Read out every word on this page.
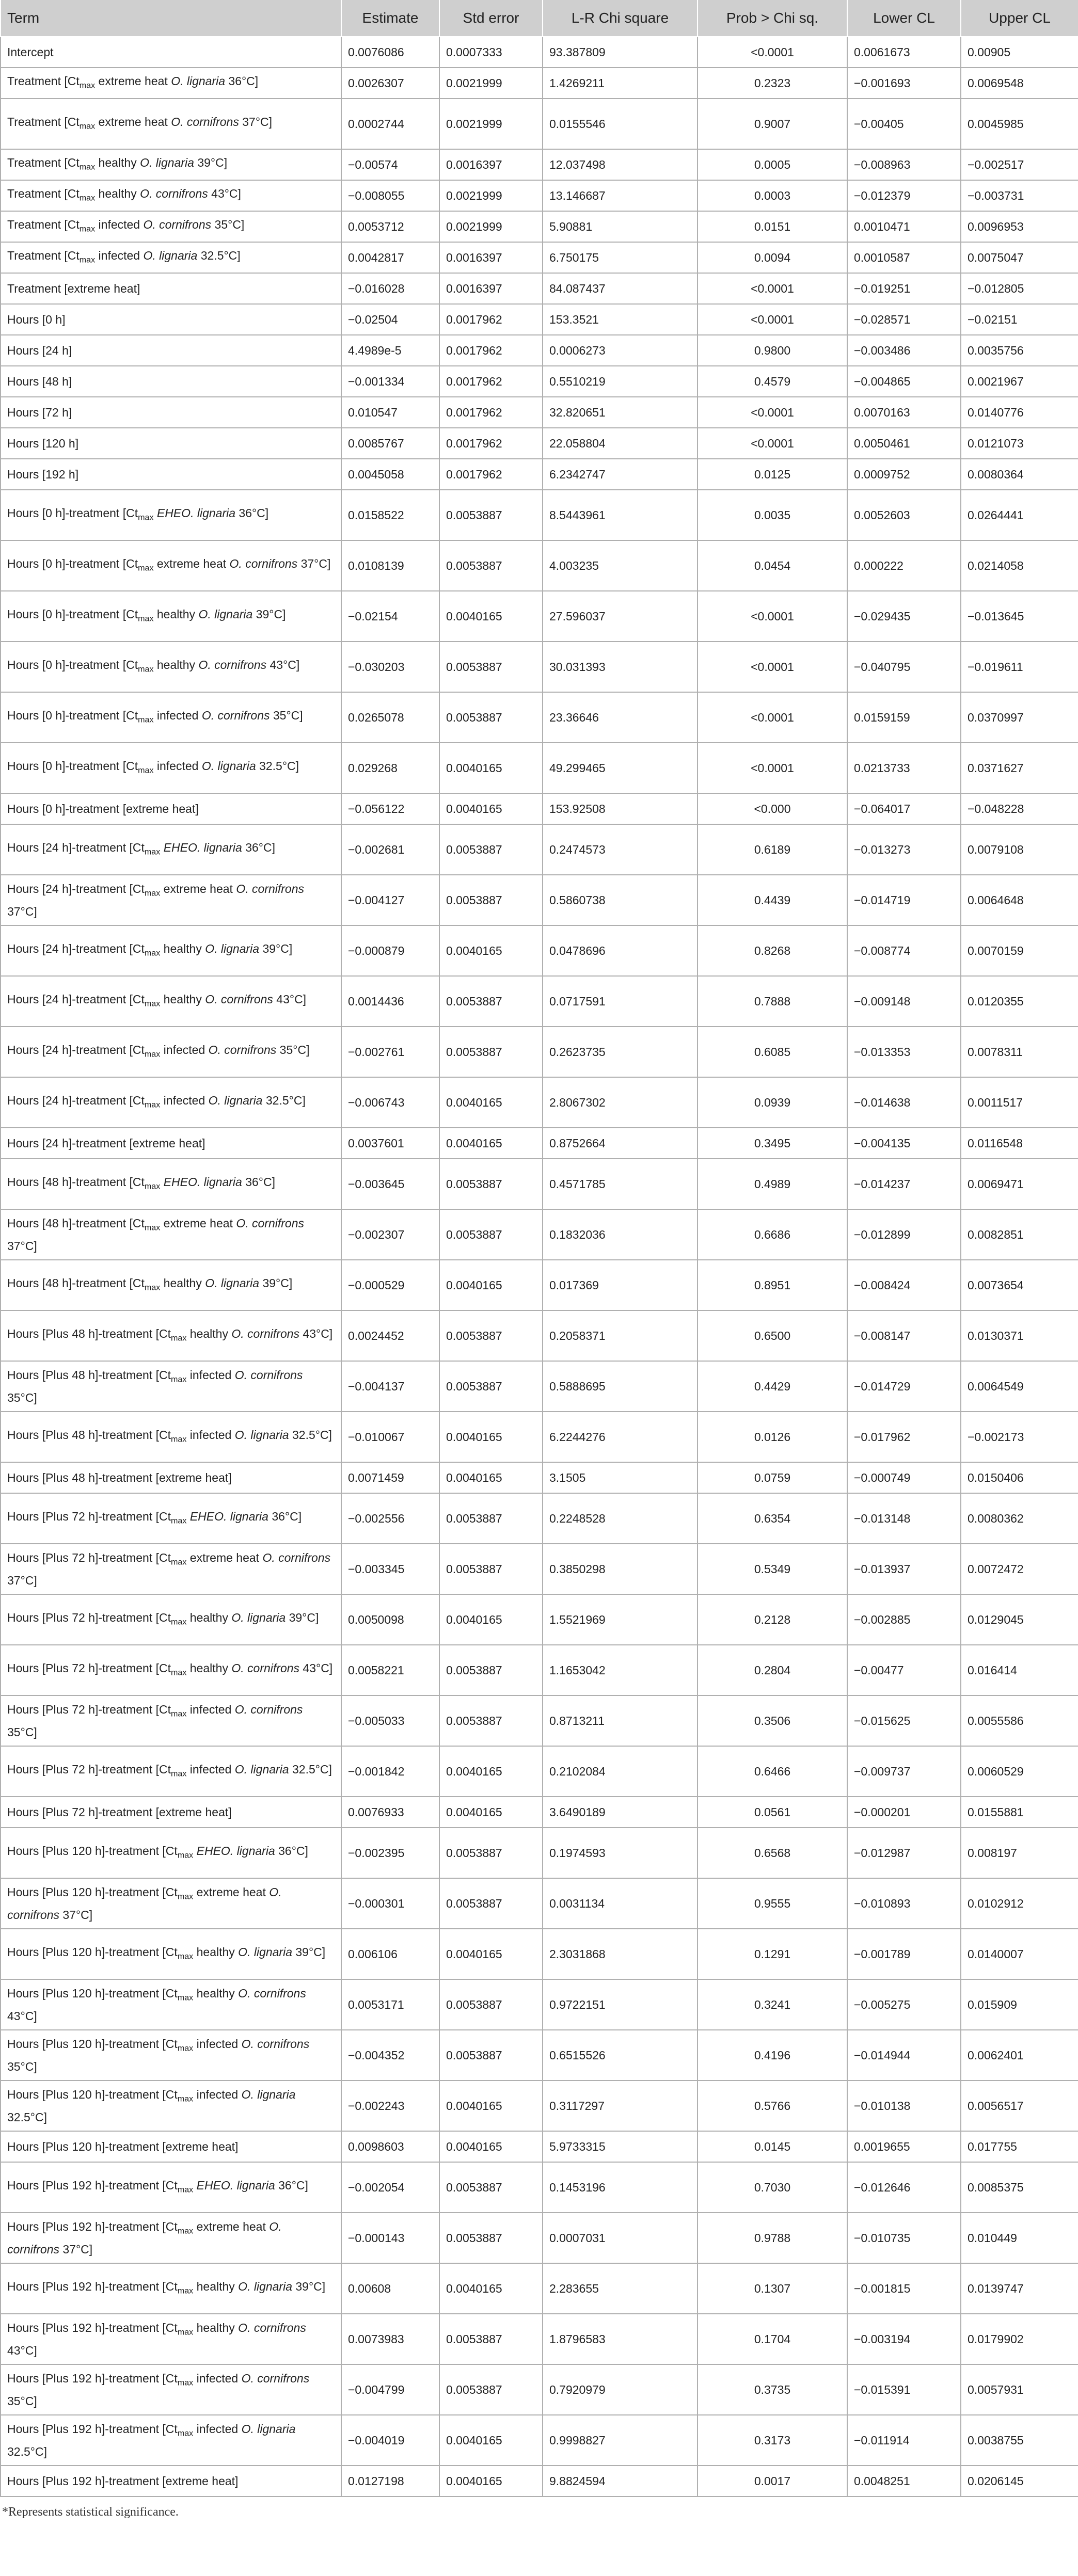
Term	Estimate	Std error	L-R Chi square	Prob > Chi sq.	Lower CL	Upper CL
Intercept	0.0076086	0.0007333	93.387809	<0.0001	0.0061673	0.00905
Treatment [$Ct_{max}$ extreme heat O. lignaria 36°C]	0.0026307	0.0021999	1.4269211	0.2323	−0.001693	0.0069548
Treatment [$Ct_{max}$ extreme heat O. cornifrons 37°C]	0.0002744	0.0021999	0.0155546	0.9007	−0.00405	0.0045985
Treatment [$Ct_{max}$ healthy O. lignaria 39°C]	−0.00574	0.0016397	12.037498	0.0005	−0.008963	−0.002517
Treatment [$Ct_{max}$ healthy O. cornifrons 43°C]	−0.008055	0.0021999	13.146687	0.0003	−0.012379	−0.003731
Treatment [$Ct_{max}$ infected O. cornifrons 35°C]	0.0053712	0.0021999	5.90881	0.0151	0.0010471	0.0096953
Treatment [$Ct_{max}$ infected O. lignaria 32.5°C]	0.0042817	0.0016397	6.750175	0.0094	0.0010587	0.0075047
Treatment [extreme heat]	−0.016028	0.0016397	84.087437	<0.0001	−0.019251	−0.012805
Hours [0 h]	−0.02504	0.0017962	153.3521	<0.0001	−0.028571	−0.02151
Hours [24 h]	4.4989e-5	0.0017962	0.0006273	0.9800	−0.003486	0.0035756
Hours [48 h]	−0.001334	0.0017962	0.5510219	0.4579	−0.004865	0.0021967
Hours [72 h]	0.010547	0.0017962	32.820651	<0.0001	0.0070163	0.0140776
Hours [120 h]	0.0085767	0.0017962	22.058804	<0.0001	0.0050461	0.0121073
Hours [192 h]	0.0045058	0.0017962	6.2342747	0.0125	0.0009752	0.0080364
Hours [0 h]-treatment [$Ct_{max}$ EHEO. lignaria 36°C]	0.0158522	0.0053887	8.5443961	0.0035	0.0052603	0.0264441
Hours [0 h]-treatment [$Ct_{max}$ extreme heat O. cornifrons 37°C]	0.0108139	0.0053887	4.003235	0.0454	0.000222	0.0214058
Hours [0 h]-treatment [$Ct_{max}$ healthy O. lignaria 39°C]	−0.02154	0.0040165	27.596037	<0.0001	−0.029435	−0.013645
Hours [0 h]-treatment [$Ct_{max}$ healthy O. cornifrons 43°C]	−0.030203	0.0053887	30.031393	<0.0001	−0.040795	−0.019611
Hours [0 h]-treatment [$Ct_{max}$ infected O. cornifrons 35°C]	0.0265078	0.0053887	23.36646	<0.0001	0.0159159	0.0370997
Hours [0 h]-treatment [$Ct_{max}$ infected O. lignaria 32.5°C]	0.029268	0.0040165	49.299465	<0.0001	0.0213733	0.0371627
Hours [0 h]-treatment [extreme heat]	−0.056122	0.0040165	153.92508	<0.000	−0.064017	−0.048228
Hours [24 h]-treatment [$Ct_{max}$ EHEO. lignaria 36°C]	−0.002681	0.0053887	0.2474573	0.6189	−0.013273	0.0079108
Hours [24 h]-treatment [$Ct_{max}$ extreme heat O. cornifrons 37°C]	−0.004127	0.0053887	0.5860738	0.4439	−0.014719	0.0064648
Hours [24 h]-treatment [$Ct_{max}$ healthy O. lignaria 39°C]	−0.000879	0.0040165	0.0478696	0.8268	−0.008774	0.0070159
Hours [24 h]-treatment [$Ct_{max}$ healthy O. cornifrons 43°C]	0.0014436	0.0053887	0.0717591	0.7888	−0.009148	0.0120355
Hours [24 h]-treatment [$Ct_{max}$ infected O. cornifrons 35°C]	−0.002761	0.0053887	0.2623735	0.6085	−0.013353	0.0078311
Hours [24 h]-treatment [$Ct_{max}$ infected O. lignaria 32.5°C]	−0.006743	0.0040165	2.8067302	0.0939	−0.014638	0.0011517
Hours [24 h]-treatment [extreme heat]	0.0037601	0.0040165	0.8752664	0.3495	−0.004135	0.0116548
Hours [48 h]-treatment [$Ct_{max}$ EHEO. lignaria 36°C]	−0.003645	0.0053887	0.4571785	0.4989	−0.014237	0.0069471
Hours [48 h]-treatment [$Ct_{max}$ extreme heat O. cornifrons 37°C]	−0.002307	0.0053887	0.1832036	0.6686	−0.012899	0.0082851
Hours [48 h]-treatment [$Ct_{max}$ healthy O. lignaria 39°C]	−0.000529	0.0040165	0.017369	0.8951	−0.008424	0.0073654
Hours [Plus 48 h]-treatment [$Ct_{max}$ healthy O. cornifrons 43°C]	0.0024452	0.0053887	0.2058371	0.6500	−0.008147	0.0130371
Hours [Plus 48 h]-treatment [$Ct_{max}$ infected O. cornifrons 35°C]	−0.004137	0.0053887	0.5888695	0.4429	−0.014729	0.0064549
Hours [Plus 48 h]-treatment [$Ct_{max}$ infected O. lignaria 32.5°C]	−0.010067	0.0040165	6.2244276	0.0126	−0.017962	−0.002173
Hours [Plus 48 h]-treatment [extreme heat]	0.0071459	0.0040165	3.1505	0.0759	−0.000749	0.0150406
Hours [Plus 72 h]-treatment [$Ct_{max}$ EHEO. lignaria 36°C]	−0.002556	0.0053887	0.2248528	0.6354	−0.013148	0.0080362
Hours [Plus 72 h]-treatment [$Ct_{max}$ extreme heat O. cornifrons 37°C]	−0.003345	0.0053887	0.3850298	0.5349	−0.013937	0.0072472
Hours [Plus 72 h]-treatment [$Ct_{max}$ healthy O. lignaria 39°C]	0.0050098	0.0040165	1.5521969	0.2128	−0.002885	0.0129045
Hours [Plus 72 h]-treatment [$Ct_{max}$ healthy O. cornifrons 43°C]	0.0058221	0.0053887	1.1653042	0.2804	−0.00477	0.016414
Hours [Plus 72 h]-treatment [$Ct_{max}$ infected O. cornifrons 35°C]	−0.005033	0.0053887	0.8713211	0.3506	−0.015625	0.0055586
Hours [Plus 72 h]-treatment [$Ct_{max}$ infected O. lignaria 32.5°C]	−0.001842	0.0040165	0.2102084	0.6466	−0.009737	0.0060529
Hours [Plus 72 h]-treatment [extreme heat]	0.0076933	0.0040165	3.6490189	0.0561	−0.000201	0.0155881
Hours [Plus 120 h]-treatment [$Ct_{max}$ EHEO. lignaria 36°C]	−0.002395	0.0053887	0.1974593	0.6568	−0.012987	0.008197
Hours [Plus 120 h]-treatment [$Ct_{max}$ extreme heat O. cornifrons 37°C]	−0.000301	0.0053887	0.0031134	0.9555	−0.010893	0.0102912
Hours [Plus 120 h]-treatment [$Ct_{max}$ healthy O. lignaria 39°C]	0.006106	0.0040165	2.3031868	0.1291	−0.001789	0.0140007
Hours [Plus 120 h]-treatment [$Ct_{max}$ healthy O. cornifrons 43°C]	0.0053171	0.0053887	0.9722151	0.3241	−0.005275	0.015909
Hours [Plus 120 h]-treatment [$Ct_{max}$ infected O. cornifrons 35°C]	−0.004352	0.0053887	0.6515526	0.4196	−0.014944	0.0062401
Hours [Plus 120 h]-treatment [$Ct_{max}$ infected O. lignaria 32.5°C]	−0.002243	0.0040165	0.3117297	0.5766	−0.010138	0.0056517
Hours [Plus 120 h]-treatment [extreme heat]	0.0098603	0.0040165	5.9733315	0.0145	0.0019655	0.017755
Hours [Plus 192 h]-treatment [$Ct_{max}$ EHEO. lignaria 36°C]	−0.002054	0.0053887	0.1453196	0.7030	−0.012646	0.0085375
Hours [Plus 192 h]-treatment [$Ct_{max}$ extreme heat O. cornifrons 37°C]	−0.000143	0.0053887	0.0007031	0.9788	−0.010735	0.010449
Hours [Plus 192 h]-treatment [$Ct_{max}$ healthy O. lignaria 39°C]	0.00608	0.0040165	2.283655	0.1307	−0.001815	0.0139747
Hours [Plus 192 h]-treatment [$Ct_{max}$ healthy O. cornifrons 43°C]	0.0073983	0.0053887	1.8796583	0.1704	−0.003194	0.0179902
Hours [Plus 192 h]-treatment [$Ct_{max}$ infected O. cornifrons 35°C]	−0.004799	0.0053887	0.7920979	0.3735	−0.015391	0.0057931
Hours [Plus 192 h]-treatment [$Ct_{max}$ infected O. lignaria 32.5°C]	−0.004019	0.0040165	0.9998827	0.3173	−0.011914	0.0038755
Hours [Plus 192 h]-treatment [extreme heat]	0.0127198	0.0040165	9.8824594	0.0017	0.0048251	0.0206145
*Represents statistical significance.
